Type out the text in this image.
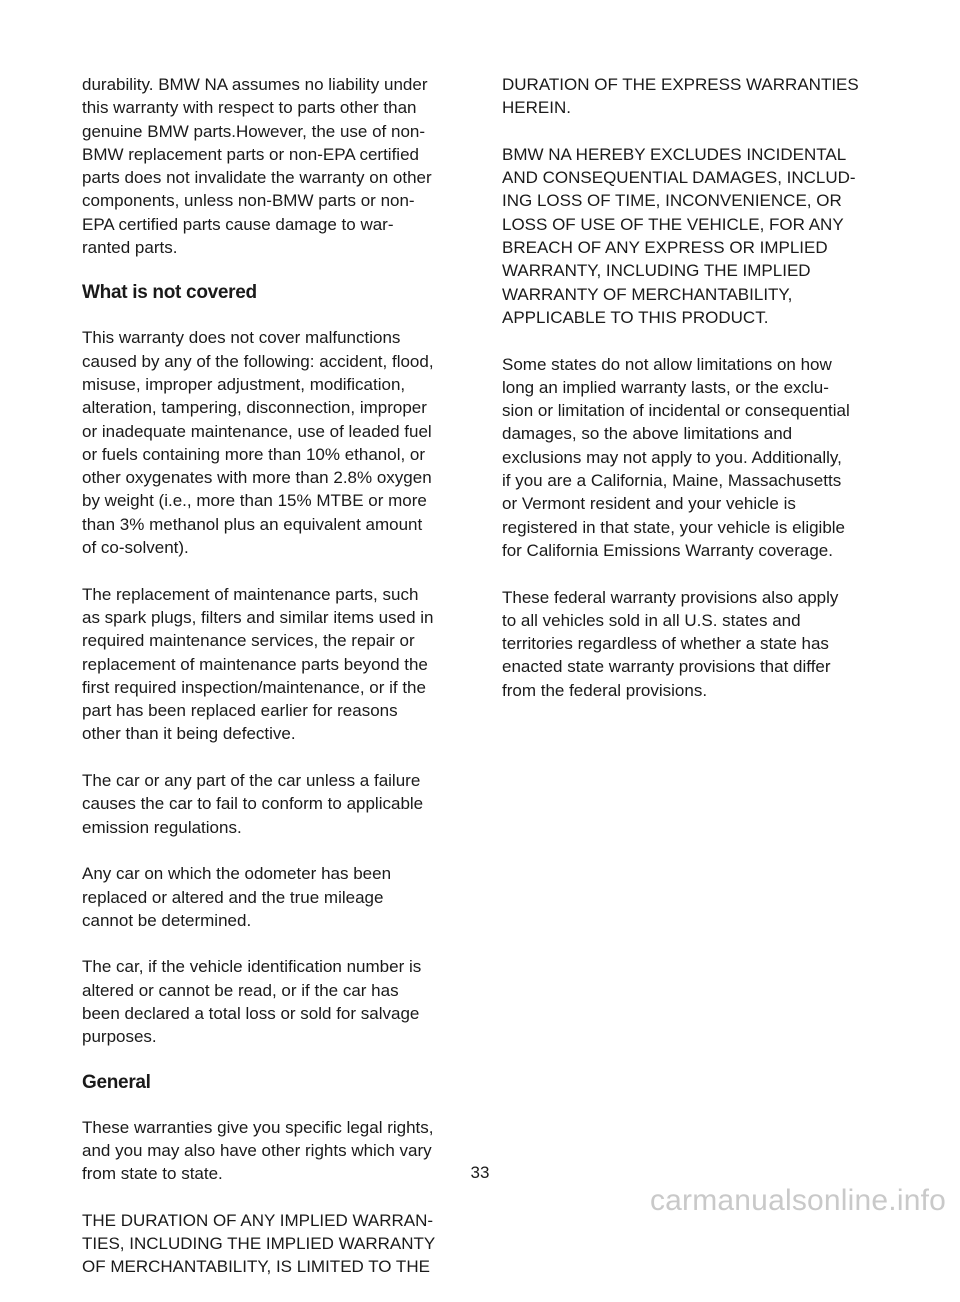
durability. BMW NA assumes no liability under
this warranty with respect to parts other than
genuine BMW parts.However, the use of non-
BMW replacement parts or non-EPA certified
parts does not invalidate the warranty on other
components, unless non-BMW parts or non-
EPA certified parts cause damage to war-
ranted parts.
What is not covered
This warranty does not cover malfunctions
caused by any of the following: accident, flood,
misuse, improper adjustment, modification,
alteration, tampering, disconnection, improper
or inadequate maintenance, use of leaded fuel
or fuels containing more than 10% ethanol, or
other oxygenates with more than 2.8% oxygen
by weight (i.e., more than 15% MTBE or more
than 3% methanol plus an equivalent amount
of co-solvent).
The replacement of maintenance parts, such
as spark plugs, filters and similar items used in
required maintenance services, the repair or
replacement of maintenance parts beyond the
first required inspection/maintenance, or if the
part has been replaced earlier for reasons
other than it being defective.
The car or any part of the car unless a failure
causes the car to fail to conform to applicable
emission regulations.
Any car on which the odometer has been
replaced or altered and the true mileage
cannot be determined.
The car, if the vehicle identification number is
altered or cannot be read, or if the car has
been declared a total loss or sold for salvage
purposes.
General
These warranties give you specific legal rights,
and you may also have other rights which vary
from state to state.
THE DURATION OF ANY IMPLIED WARRAN-
TIES, INCLUDING THE IMPLIED WARRANTY
OF MERCHANTABILITY, IS LIMITED TO THE
DURATION OF THE EXPRESS WARRANTIES
HEREIN.
BMW NA HEREBY EXCLUDES INCIDENTAL
AND CONSEQUENTIAL DAMAGES, INCLUD-
ING LOSS OF TIME, INCONVENIENCE, OR
LOSS OF USE OF THE VEHICLE, FOR ANY
BREACH OF ANY EXPRESS OR IMPLIED
WARRANTY, INCLUDING THE IMPLIED
WARRANTY OF MERCHANTABILITY,
APPLICABLE TO THIS PRODUCT.
Some states do not allow limitations on how
long an implied warranty lasts, or the exclu-
sion or limitation of incidental or consequential
damages, so the above limitations and
exclusions may not apply to you. Additionally,
if you are a California, Maine, Massachusetts
or Vermont resident and your vehicle is
registered in that state, your vehicle is eligible
for California Emissions Warranty coverage.
These federal warranty provisions also apply
to all vehicles sold in all U.S. states and
territories regardless of whether a state has
enacted state warranty provisions that differ
from the federal provisions.
33
carmanualsonline.info
